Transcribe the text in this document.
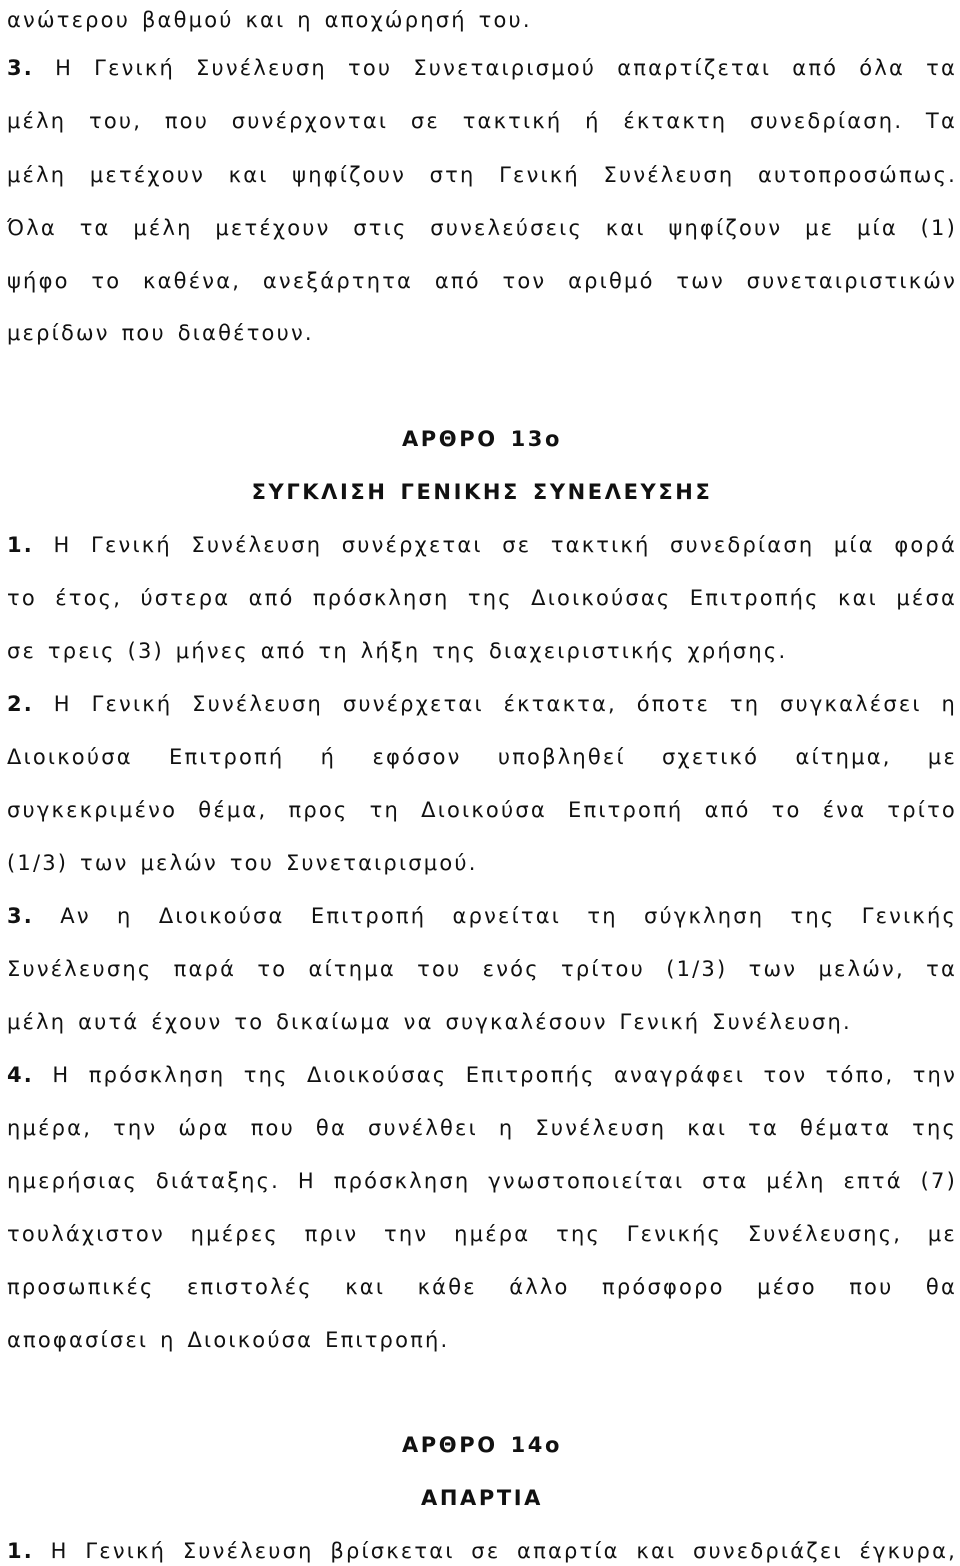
ανώτερου βαθμού και η αποχώρησή του.
3. Η Γενική Συνέλευση του Συνεταιρισμού απαρτίζεται από όλα τα
μέλη του, που συνέρχονται σε τακτική ή έκτακτη συνεδρίαση. Τα
μέλη μετέχουν και ψηφίζουν στη Γενική Συνέλευση αυτοπροσώπως.
Όλα τα μέλη μετέχουν στις συνελεύσεις και ψηφίζουν με μία (1)
ψήφο το καθένα, ανεξάρτητα από τον αριθμό των συνεταιριστικών
μερίδων που διαθέτουν.
ΑΡΘΡΟ 13ο
ΣΥΓΚΛΙΣΗ ΓΕΝΙΚΗΣ ΣΥΝΕΛΕΥΣΗΣ
1. Η Γενική Συνέλευση συνέρχεται σε τακτική συνεδρίαση μία φορά
το έτος, ύστερα από πρόσκληση της Διοικούσας Επιτροπής και μέσα
σε τρεις (3) μήνες από τη λήξη της διαχειριστικής χρήσης.
2. Η Γενική Συνέλευση συνέρχεται έκτακτα, όποτε τη συγκαλέσει η
Διοικούσα Επιτροπή ή εφόσον υποβληθεί σχετικό αίτημα, με
συγκεκριμένο θέμα, προς τη Διοικούσα Επιτροπή από το ένα τρίτο
(1/3) των μελών του Συνεταιρισμού.
3. Αν η Διοικούσα Επιτροπή αρνείται τη σύγκληση της Γενικής
Συνέλευσης παρά το αίτημα του ενός τρίτου (1/3) των μελών, τα
μέλη αυτά έχουν το δικαίωμα να συγκαλέσουν Γενική Συνέλευση.
4. Η πρόσκληση της Διοικούσας Επιτροπής αναγράφει τον τόπο, την
ημέρα, την ώρα που θα συνέλθει η Συνέλευση και τα θέματα της
ημερήσιας διάταξης. Η πρόσκληση γνωστοποιείται στα μέλη επτά (7)
τουλάχιστον ημέρες πριν την ημέρα της Γενικής Συνέλευσης, με
προσωπικές επιστολές και κάθε άλλο πρόσφορο μέσο που θα
αποφασίσει η Διοικούσα Επιτροπή.
ΑΡΘΡΟ 14ο
ΑΠΑΡΤΙΑ
1. Η Γενική Συνέλευση βρίσκεται σε απαρτία και συνεδριάζει έγκυρα,
